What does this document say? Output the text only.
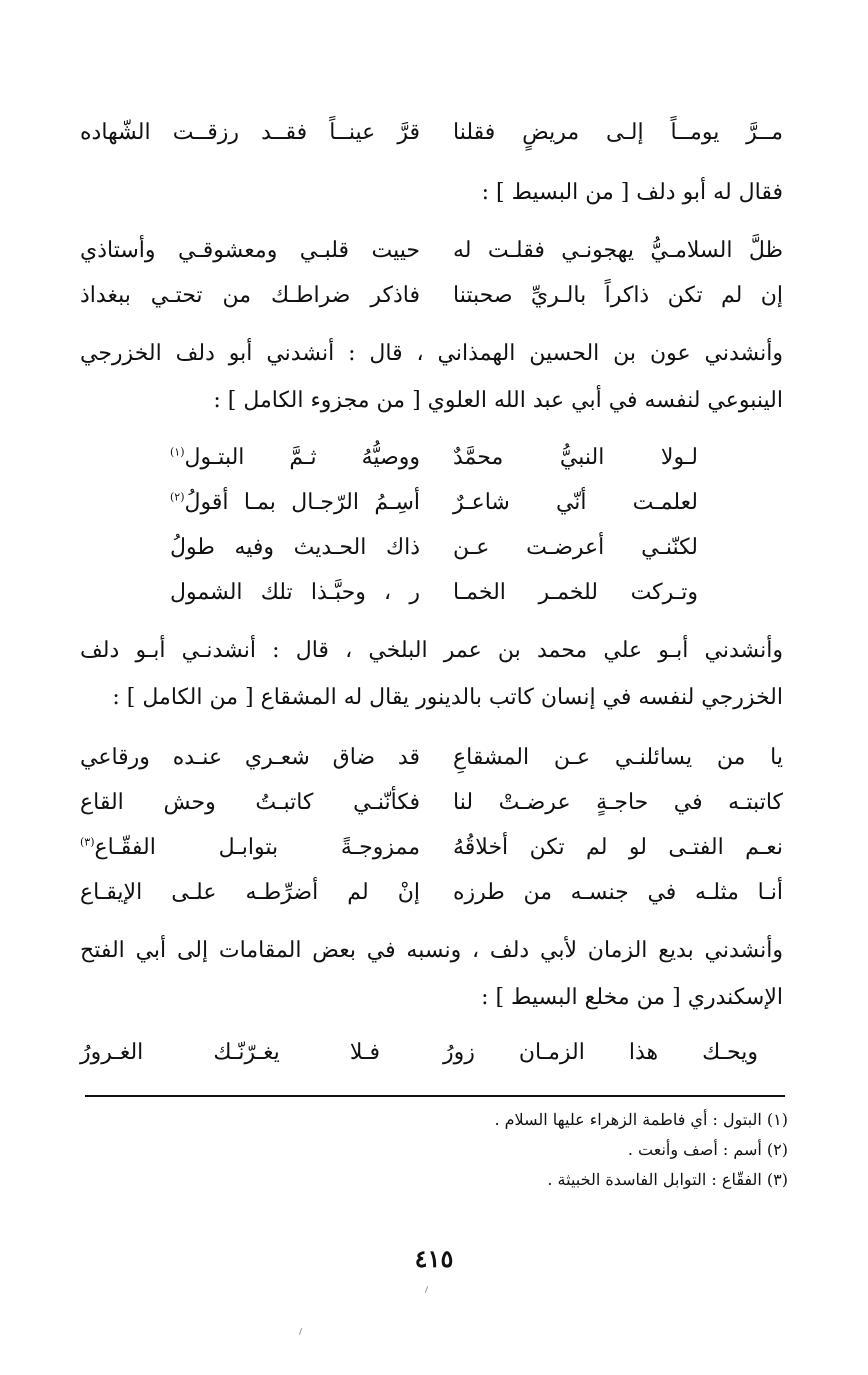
مــرَّ يومــاً إلـى مريضٍ فقلنا
قرَّ عينــاً فقــد رزقــت الشّهاده
فقال له أبو دلف [ من البسيط ] :
ظلَّ السلامـيُّ يهجونـي فقلـت له
حييت قلبـي ومعشوقـي وأستاذي
إن لم تكن ذاكراً بالـريِّ صحبتنا
فاذكر ضراطـك من تحتـي ببغداذ
وأنشدني عون بن الحسين الهمذاني ، قال : أنشدني أبو دلف الخزرجي
الينبوعي لنفسه في أبي عبد الله العلوي [ من مجزوء الكامل ] :
لـولا النبيُّ محمَّدٌ
ووصيُّهُ ثـمَّ البتـول$^{(١)}$
لعلمـت أنّي شاعـرٌ
أسِـمُ الرّجـال بمـا أقولُ$^{(٢)}$
لكنّنـي أعرضـت عـن
ذاك الحـديث وفيه طولُ
وتـركت للخمـر الخمـا
ر ، وحبَّـذا تلك الشمول
وأنشدني أبـو علي محمد بن عمر البلخي ، قال : أنشدنـي أبـو دلف
الخزرجي لنفسه في إنسان كاتب بالدينور يقال له المشقاع [ من الكامل ] :
يا من يسائلنـي عـن المشقاعِ
قد ضاق شعـري عنـده ورقاعي
كاتبتـه في حاجـةٍ عرضـتْ لنا
فكأنّنـي كاتبـتُ وحش القاع
نعـم الفتـى لو لم تكن أخلاقُهُ
ممزوجـةً بتوابـل الفقّـاع$^{(٣)}$
أنـا مثلـه في جنسـه من طرزه
إنْ لم أضرِّطـه علـى الإيقـاع
وأنشدني بديع الزمان لأبي دلف ، ونسبه في بعض المقامات إلى أبي الفتح
الإسكندري [ من مخلع البسيط ] :
ويحـك هذا الزمـان زورُ
فـلا يغـرّنّـك الغـرورُ
(١) البتول : أي فاطمة الزهراء عليها السلام .
(٢) أسم : أصف وأنعت .
(٣) الفقّاع : التوابل الفاسدة الخبيثة .
٤١٥
